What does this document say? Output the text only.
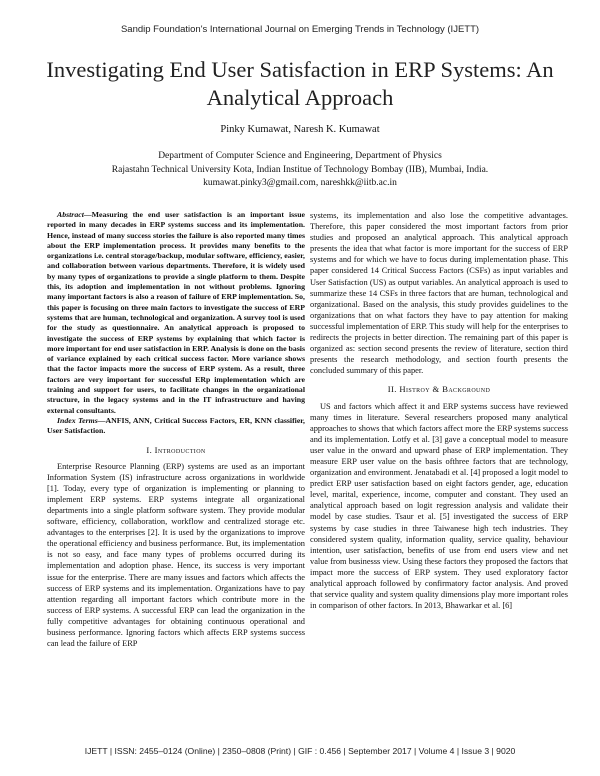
Sandip Foundation's International Journal on Emerging Trends in Technology (IJETT)
Investigating End User Satisfaction in ERP Systems: An Analytical Approach
Pinky Kumawat, Naresh K. Kumawat
Department of Computer Science and Engineering, Department of Physics
Rajastahn Technical University Kota, Indian Institue of Technology Bombay (IIB), Mumbai, India.
kumawat.pinky3@gmail.com, nareshkk@iitb.ac.in

Abstract—Measuring the end user satisfaction is an important issue reported in many decades in ERP systems success and its implementation. Hence, instead of many success stories the failure is also reported many times about the ERP implementation process. It provides many benefits to the organizations i.e. central storage/backup, modular software, efficiency, easier, and collaboration between various departments. Therefore, it is widely used by many types of organizations to provide a single platform to them. Despite this, its adoption and implementation in not without problems. Ignoring many important factors is also a reason of failure of ERP implementation. So, this paper is focusing on three main factors to investigate the success of ERP systems that are human, technological and organization. A survey tool is used for the study as questionnaire. An analytical approach is proposed to investigate the success of ERP systems by explaining that which factor is more important for end user satisfaction in ERP. Analysis is done on the basis of variance explained by each critical success factor. More variance shows that the factor impacts more the success of ERP system. As a result, three factors are very important for successful ERp implementation which are training and support for users, to facilitate changes in the organizational structure, in the legacy systems and in the IT infrastructure and having external consultants.

Index Terms—ANFIS, ANN, Critical Success Factors, ER, KNN classifier, User Satisfaction.

I. Introduction

Enterprise Resource Planning (ERP) systems are used as an important Information System (IS) infrastructure across organizations in worldwide [1]. Today, every type of organization is implementing or planning to implement ERP systems. ERP systems integrate all organizational departments into a single platform software system. They provide modular software, efficiency, collaboration, workflow and centralized storage etc. advantages to the enterprises [2]. It is used by the organizations to improve the operational efficiency and business performance. But, its implementation is not so easy, and face many types of problems occurred during its implementation and adoption phase. Hence, its success is very important issue for the enterprise. There are many issues and factors which affects the success of ERP systems and its implementation. Organizations have to pay attention regarding all important factors which contribute more in the success of ERP systems. A successful ERP can lead the organization in the fully competitive advantages for obtaining continuous operational and business performance. Ignoring factors which affects ERP systems success can lead the failure of ERP

systems, its implementation and also lose the competitive advantages. Therefore, this paper considered the most important factors from prior studies and proposed an analytical approach. This analytical approach presents the idea that what factor is more important for the success of ERP systems and for which we have to focus during implementation phase. This paper considered 14 Critical Success Factors (CSFs) as input variables and User Satisfaction (US) as output variables. An analytical approach is used to summarize these 14 CSFs in three factors that are human, technological and organizational. Based on the analysis, this study provides guidelines to the organizations that on what factors they have to pay attention for making successful implementation of ERP. This study will help for the enterprises to redirects the projects in better direction. The remaining part of this paper is organized as: section second presents the review of literature, section third presents the research methodology, and section fourth presents the concluded summary of this paper.

II. Histroy & Background

US and factors which affect it and ERP systems success have reviewed many times in literature. Several researchers proposed many analytical approaches to shows that which factors affect more the ERP systems success and its implementation. Lotfy et al. [3] gave a conceptual model to measure user value in the onward and upward phase of ERP implementation. They measure ERP user value on the basis ofthree factors that are technology, organization and environment. Jenatabadi et al. [4] proposed a logit model to predict ERP user satisfaction based on eight factors gender, age, education level, marital, experience, income, computer and constant. They used an analytical approach based on logit regression analysis and validate their model by case studies. Tsaur et al. [5] investigated the success of ERP systems by case studies in three Taiwanese high tech industries. They considered system quality, information quality, service quality, behaviour intention, user satisfaction, benefits of use from end users view and net value from businesss view. Using these factors they proposed the factors that impact more the success of ERP system. They used exploratory factor analytical approach followed by confirmatory factor analysis. And proved that service quality and system quality dimensions play more important roles in comparison of other factors. In 2013, Bhawarkar et al. [6]

IJETT | ISSN: 2455–0124 (Online) | 2350–0808 (Print) | GIF : 0.456 | September 2017 | Volume 4 | Issue 3 | 9020
